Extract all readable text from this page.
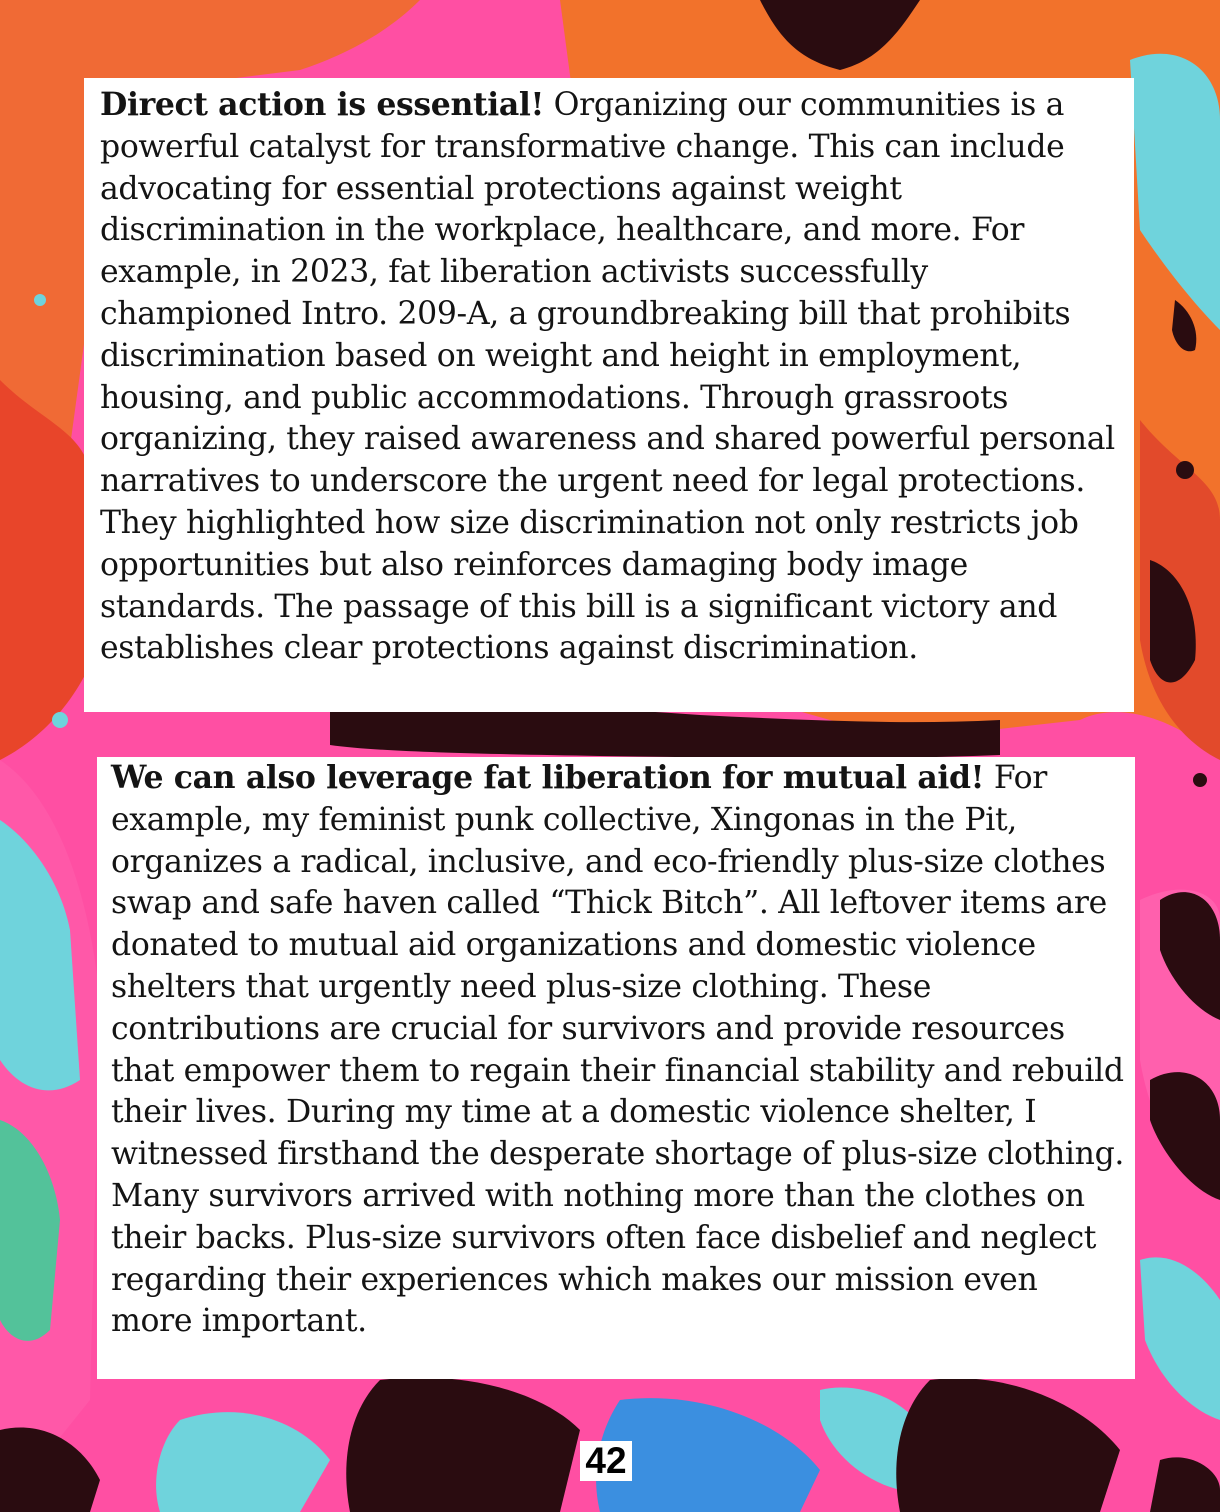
Direct action is essential! Organizing our communities is a powerful catalyst for transformative change. This can include advocating for essential protections against weight discrimination in the workplace, healthcare, and more. For example, in 2023, fat liberation activists successfully championed Intro. 209-A, a groundbreaking bill that prohibits discrimination based on weight and height in employment, housing, and public accommodations. Through grassroots organizing, they raised awareness and shared powerful personal narratives to underscore the urgent need for legal protections. They highlighted how size discrimination not only restricts job opportunities but also reinforces damaging body image standards. The passage of this bill is a significant victory and establishes clear protections against discrimination.
We can also leverage fat liberation for mutual aid! For example, my feminist punk collective, Xingonas in the Pit, organizes a radical, inclusive, and eco-friendly plus-size clothes swap and safe haven called “Thick Bitch”. All leftover items are donated to mutual aid organizations and domestic violence shelters that urgently need plus-size clothing. These contributions are crucial for survivors and provide resources that empower them to regain their financial stability and rebuild their lives. During my time at a domestic violence shelter, I witnessed firsthand the desperate shortage of plus-size clothing. Many survivors arrived with nothing more than the clothes on their backs. Plus-size survivors often face disbelief and neglect regarding their experiences which makes our mission even more important.
42
